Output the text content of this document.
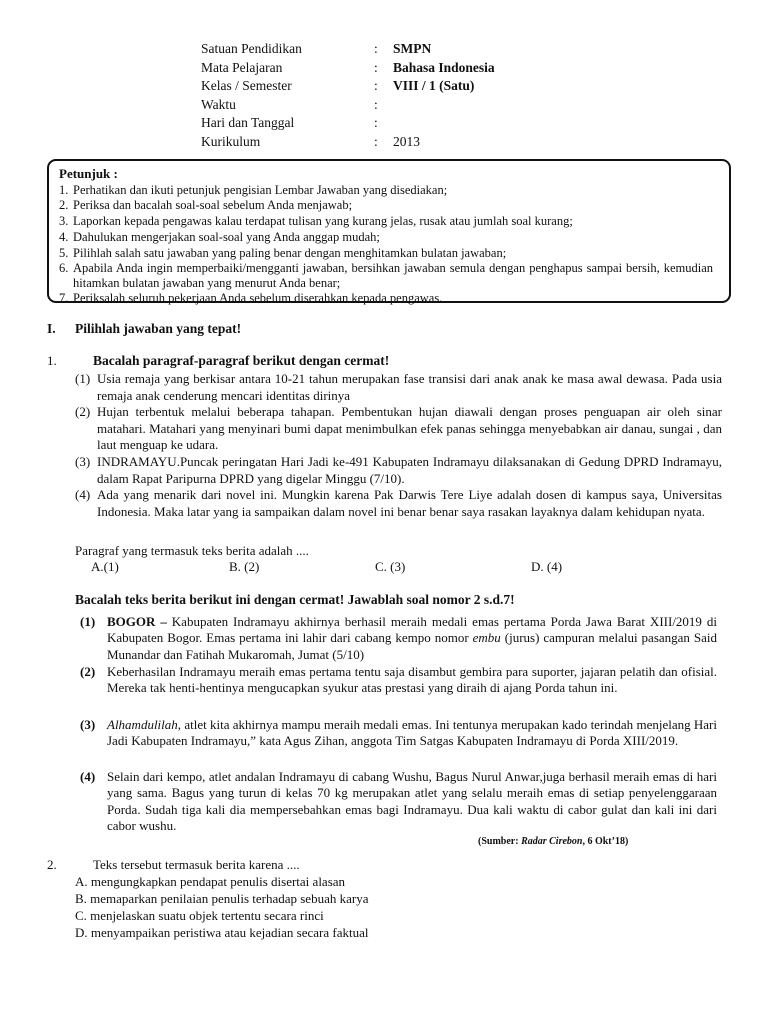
Satuan Pendidikan	: SMPN
Mata Pelajaran	: Bahasa Indonesia
Kelas / Semester	: VIII / 1 (Satu)
Waktu	:
Hari dan Tanggal	:
Kurikulum	: 2013
Petunjuk :
1. Perhatikan dan ikuti petunjuk pengisian Lembar Jawaban yang disediakan;
2. Periksa dan bacalah soal-soal sebelum Anda menjawab;
3. Laporkan kepada pengawas kalau terdapat tulisan yang kurang jelas, rusak atau jumlah soal kurang;
4. Dahulukan mengerjakan soal-soal yang Anda anggap mudah;
5. Pilihlah salah satu jawaban yang paling benar dengan menghitamkan bulatan jawaban;
6. Apabila Anda ingin memperbaiki/mengganti jawaban, bersihkan jawaban semula dengan penghapus sampai bersih, kemudian hitamkan bulatan jawaban yang menurut Anda benar;
7. Periksalah seluruh pekerjaan Anda sebelum diserahkan kepada pengawas.
I. Pilihlah jawaban yang tepat!
1.	Bacalah paragraf-paragraf berikut dengan cermat!
(1) Usia remaja yang berkisar antara 10-21 tahun merupakan fase transisi dari anak anak ke masa awal dewasa. Pada usia remaja anak cenderung mencari identitas dirinya
(2) Hujan terbentuk melalui beberapa tahapan. Pembentukan hujan diawali dengan proses penguapan air oleh sinar matahari. Matahari yang menyinari bumi dapat menimbulkan efek panas sehingga menyebabkan air danau, sungai , dan laut menguap ke udara.
(3) INDRAMAYU.Puncak peringatan Hari Jadi ke-491 Kabupaten Indramayu dilaksanakan di Gedung DPRD Indramayu, dalam Rapat Paripurna DPRD yang digelar Minggu (7/10).
(4) Ada yang menarik dari novel ini. Mungkin karena Pak Darwis Tere Liye adalah dosen di kampus saya, Universitas Indonesia. Maka latar yang ia sampaikan dalam novel ini benar benar saya rasakan layaknya dalam kehidupan nyata.
Paragraf yang termasuk teks berita adalah ....
A.(1)	B. (2)	C. (3)	D. (4)
Bacalah teks berita berikut ini dengan cermat! Jawablah soal nomor 2 s.d.7!
(1) BOGOR – Kabupaten Indramayu akhirnya berhasil meraih medali emas pertama Porda Jawa Barat XIII/2019 di Kabupaten Bogor. Emas pertama ini lahir dari cabang kempo nomor embu (jurus) campuran melalui pasangan Said Munandar dan Fatihah Mukaromah, Jumat (5/10)
(2) Keberhasilan Indramayu meraih emas pertama tentu saja disambut gembira para suporter, jajaran pelatih dan ofisial. Mereka tak henti-hentinya mengucapkan syukur atas prestasi yang diraih di ajang Porda tahun ini.
(3) Alhamdulilah, atlet kita akhirnya mampu meraih medali emas. Ini tentunya merupakan kado terindah menjelang Hari Jadi Kabupaten Indramayu,” kata Agus Zihan, anggota Tim Satgas Kabupaten Indramayu di Porda XIII/2019.
(4) Selain dari kempo, atlet andalan Indramayu di cabang Wushu, Bagus Nurul Anwar,juga berhasil meraih emas di hari yang sama. Bagus yang turun di kelas 70 kg merupakan atlet yang selalu meraih emas di setiap penyelenggaraan Porda. Sudah tiga kali dia mempersebahkan emas bagi Indramayu. Dua kali waktu di cabor gulat dan kali ini dari cabor wushu.
(Sumber: Radar Cirebon, 6 Okt’18)
2.	Teks tersebut termasuk berita karena ....
A. mengungkapkan pendapat penulis disertai alasan
B. memaparkan penilaian penulis terhadap sebuah karya
C. menjelaskan suatu objek tertentu secara rinci
D. menyampaikan peristiwa atau kejadian secara faktual
